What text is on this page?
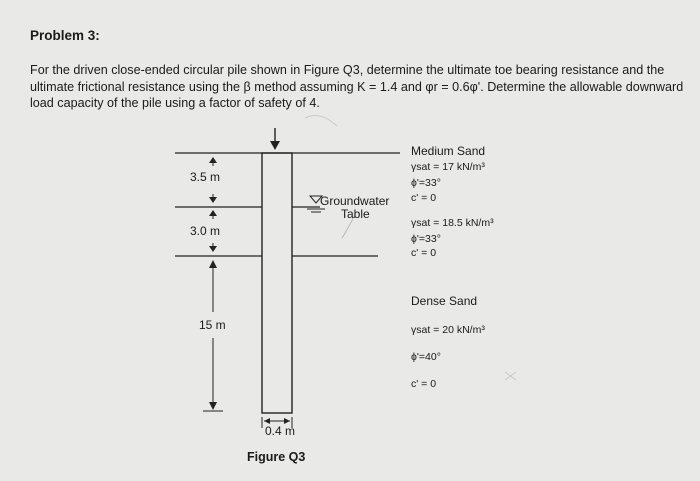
Problem 3:

For the driven close-ended circular pile shown in Figure Q3, determine the ultimate toe bearing resistance and the ultimate frictional resistance using the β method assuming K = 1.4 and φr = 0.6φ'. Determine the allowable downward load capacity of the pile using a factor of safety of 4.

3.5 m
3.0 m
15 m
0.4 m
Groundwater
Table
Medium Sand
γsat = 17 kN/m³
ϕ'=33°
c' = 0
γsat = 18.5 kN/m³
ϕ'=33°
c' = 0
Dense Sand
γsat = 20 kN/m³
ϕ'=40°
c' = 0
Figure Q3
